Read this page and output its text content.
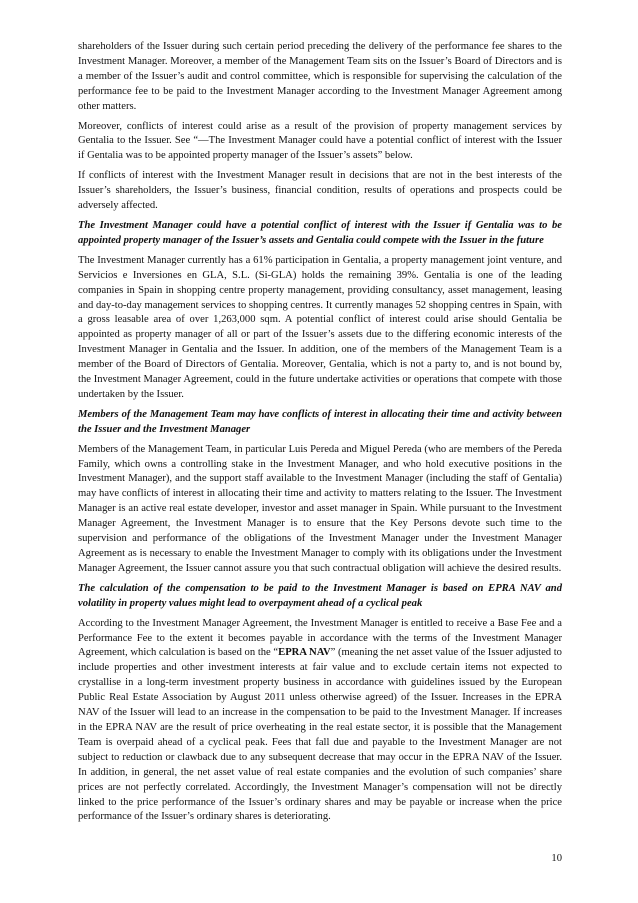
shareholders of the Issuer during such certain period preceding the delivery of the performance fee shares to the Investment Manager. Moreover, a member of the Management Team sits on the Issuer’s Board of Directors and is a member of the Issuer’s audit and control committee, which is responsible for supervising the calculation of the performance fee to be paid to the Investment Manager according to the Investment Manager Agreement among other matters.

Moreover, conflicts of interest could arise as a result of the provision of property management services by Gentalia to the Issuer. See “—The Investment Manager could have a potential conflict of interest with the Issuer if Gentalia was to be appointed property manager of the Issuer’s assets” below.

If conflicts of interest with the Investment Manager result in decisions that are not in the best interests of the Issuer’s shareholders, the Issuer’s business, financial condition, results of operations and prospects could be adversely affected.

The Investment Manager could have a potential conflict of interest with the Issuer if Gentalia was to be appointed property manager of the Issuer’s assets and Gentalia could compete with the Issuer in the future

The Investment Manager currently has a 61% participation in Gentalia, a property management joint venture, and Servicios e Inversiones en GLA, S.L. (Si-GLA) holds the remaining 39%. Gentalia is one of the leading companies in Spain in shopping centre property management, providing consultancy, asset management, leasing and day-to-day management services to shopping centres. It currently manages 52 shopping centres in Spain, with a gross leasable area of over 1,263,000 sqm. A potential conflict of interest could arise should Gentalia be appointed as property manager of all or part of the Issuer’s assets due to the differing economic interests of the Investment Manager in Gentalia and the Issuer. In addition, one of the members of the Management Team is a member of the Board of Directors of Gentalia. Moreover, Gentalia, which is not a party to, and is not bound by, the Investment Manager Agreement, could in the future undertake activities or operations that compete with those undertaken by the Issuer.

Members of the Management Team may have conflicts of interest in allocating their time and activity between the Issuer and the Investment Manager

Members of the Management Team, in particular Luis Pereda and Miguel Pereda (who are members of the Pereda Family, which owns a controlling stake in the Investment Manager, and who hold executive positions in the Investment Manager), and the support staff available to the Investment Manager (including the staff of Gentalia) may have conflicts of interest in allocating their time and activity to matters relating to the Issuer. The Investment Manager is an active real estate developer, investor and asset manager in Spain. While pursuant to the Investment Manager Agreement, the Investment Manager is to ensure that the Key Persons devote such time to the supervision and performance of the obligations of the Investment Manager under the Investment Manager Agreement as is necessary to enable the Investment Manager to comply with its obligations under the Investment Manager Agreement, the Issuer cannot assure you that such contractual obligation will achieve the desired results.

The calculation of the compensation to be paid to the Investment Manager is based on EPRA NAV and volatility in property values might lead to overpayment ahead of a cyclical peak

According to the Investment Manager Agreement, the Investment Manager is entitled to receive a Base Fee and a Performance Fee to the extent it becomes payable in accordance with the terms of the Investment Manager Agreement, which calculation is based on the “EPRA NAV” (meaning the net asset value of the Issuer adjusted to include properties and other investment interests at fair value and to exclude certain items not expected to crystallise in a long-term investment property business in accordance with guidelines issued by the European Public Real Estate Association by August 2011 unless otherwise agreed) of the Issuer. Increases in the EPRA NAV of the Issuer will lead to an increase in the compensation to be paid to the Investment Manager. If increases in the EPRA NAV are the result of price overheating in the real estate sector, it is possible that the Management Team is overpaid ahead of a cyclical peak. Fees that fall due and payable to the Investment Manager are not subject to reduction or clawback due to any subsequent decrease that may occur in the EPRA NAV of the Issuer. In addition, in general, the net asset value of real estate companies and the evolution of such companies’ share prices are not perfectly correlated. Accordingly, the Investment Manager’s compensation will not be directly linked to the price performance of the Issuer’s ordinary shares and may be payable or increase when the price performance of the Issuer’s ordinary shares is deteriorating.

10
